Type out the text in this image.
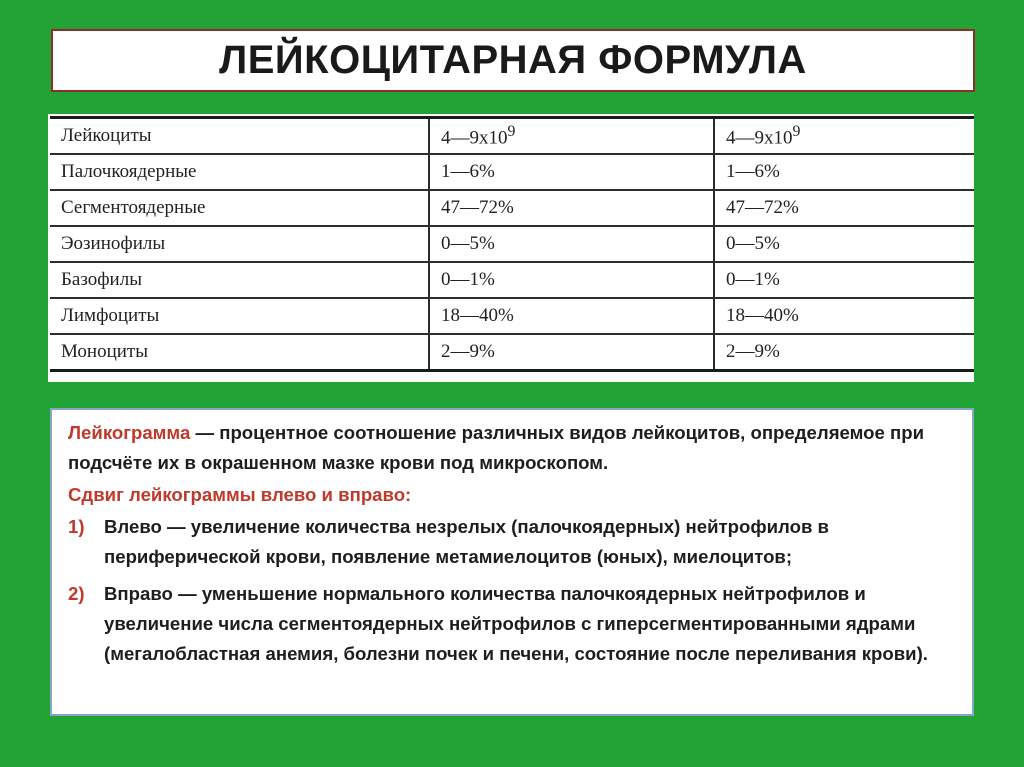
ЛЕЙКОЦИТАРНАЯ ФОРМУЛА
Лейкоциты	$4—9х10^9$	$4—9х10^9$
Палочкоядерные	1—6%	1—6%
Сегментоядерные	47—72%	47—72%
Эозинофилы	0—5%	0—5%
Базофилы	0—1%	0—1%
Лимфоциты	18—40%	18—40%
Моноциты	2—9%	2—9%

Лейкограмма — процентное соотношение различных видов лейкоцитов, определяемое при подсчёте их в окрашенном мазке крови под микроскопом.

Сдвиг лейкограммы влево и вправо:

1)	Влево — увеличение количества незрелых (палочкоядерных) нейтрофилов в периферической крови, появление метамиелоцитов (юных), миелоцитов;
2)	Вправо — уменьшение нормального количества палочкоядерных нейтрофилов и увеличение числа сегментоядерных нейтрофилов с гиперсегментированными ядрами (мегалобластная анемия, болезни почек и печени, состояние после переливания крови).
